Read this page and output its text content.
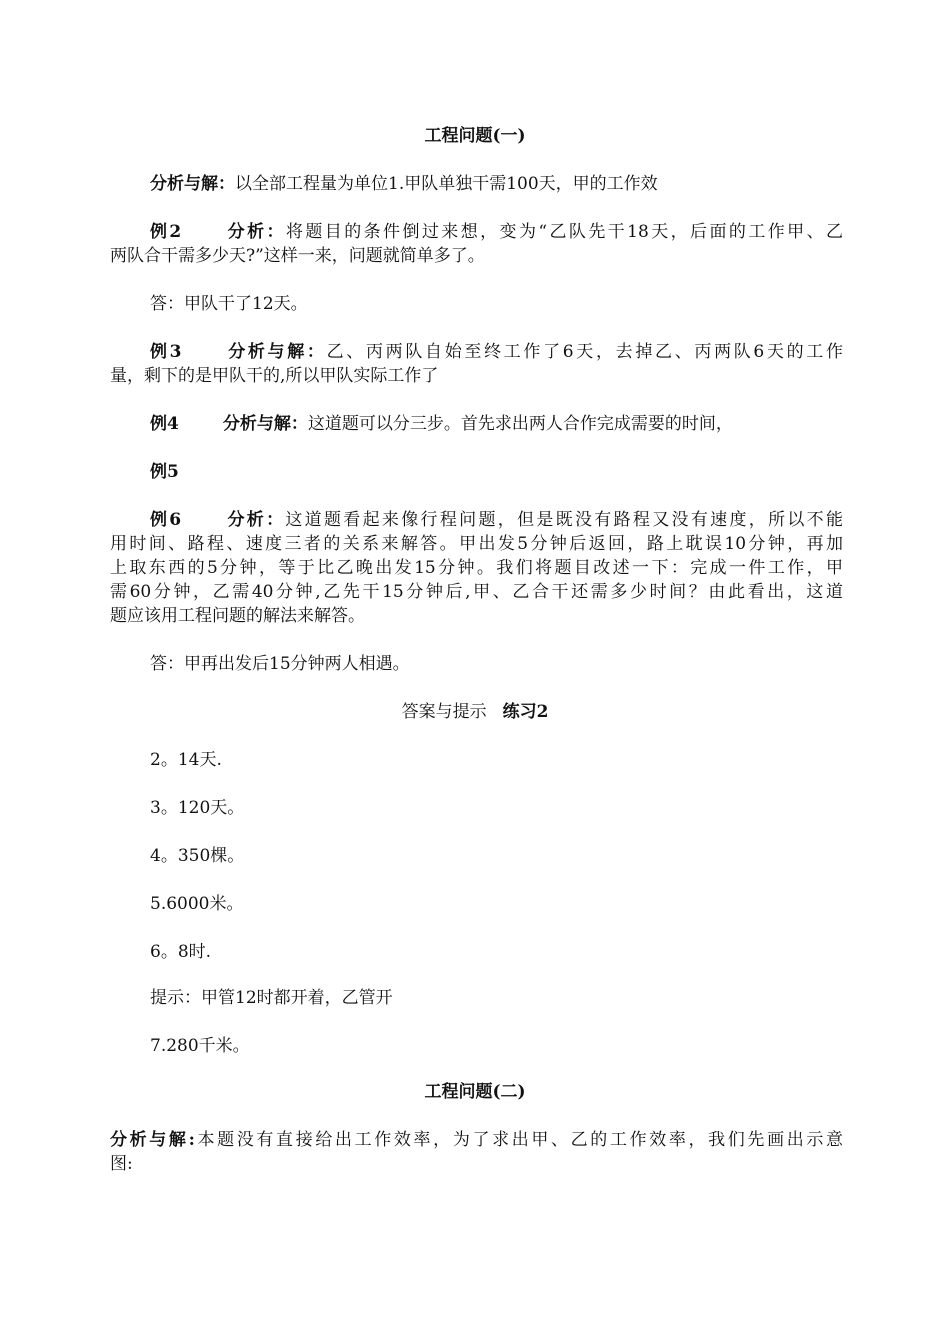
工程问题(一)
分析与解：以全部工程量为单位1.甲队单独干需100天，甲的工作效
例2	分析：将题目的条件倒过来想，变为“乙队先干18天，后面的工作甲、乙
两队合干需多少天?”这样一来，问题就简单多了。
答：甲队干了12天。
例3	分析与解：乙、丙两队自始至终工作了6天，去掉乙、丙两队6天的工作
量，剩下的是甲队干的,所以甲队实际工作了
例4	分析与解：这道题可以分三步。首先求出两人合作完成需要的时间，
例5
例6	分析：这道题看起来像行程问题，但是既没有路程又没有速度，所以不能
用时间、路程、速度三者的关系来解答。甲出发5分钟后返回，路上耽误10分钟，再加
上取东西的5分钟，等于比乙晚出发15分钟。我们将题目改述一下：完成一件工作，甲
需60分钟，乙需40分钟,乙先干15分钟后,甲、乙合干还需多少时间？由此看出，这道
题应该用工程问题的解法来解答。
答：甲再出发后15分钟两人相遇。
答案与提示 练习2
2。14天.
3。120天。
4。350棵。
5.6000米。
6。8时.
提示：甲管12时都开着，乙管开
7.280千米。
工程问题(二)
分析与解:本题没有直接给出工作效率，为了求出甲、乙的工作效率，我们先画出示意
图:
